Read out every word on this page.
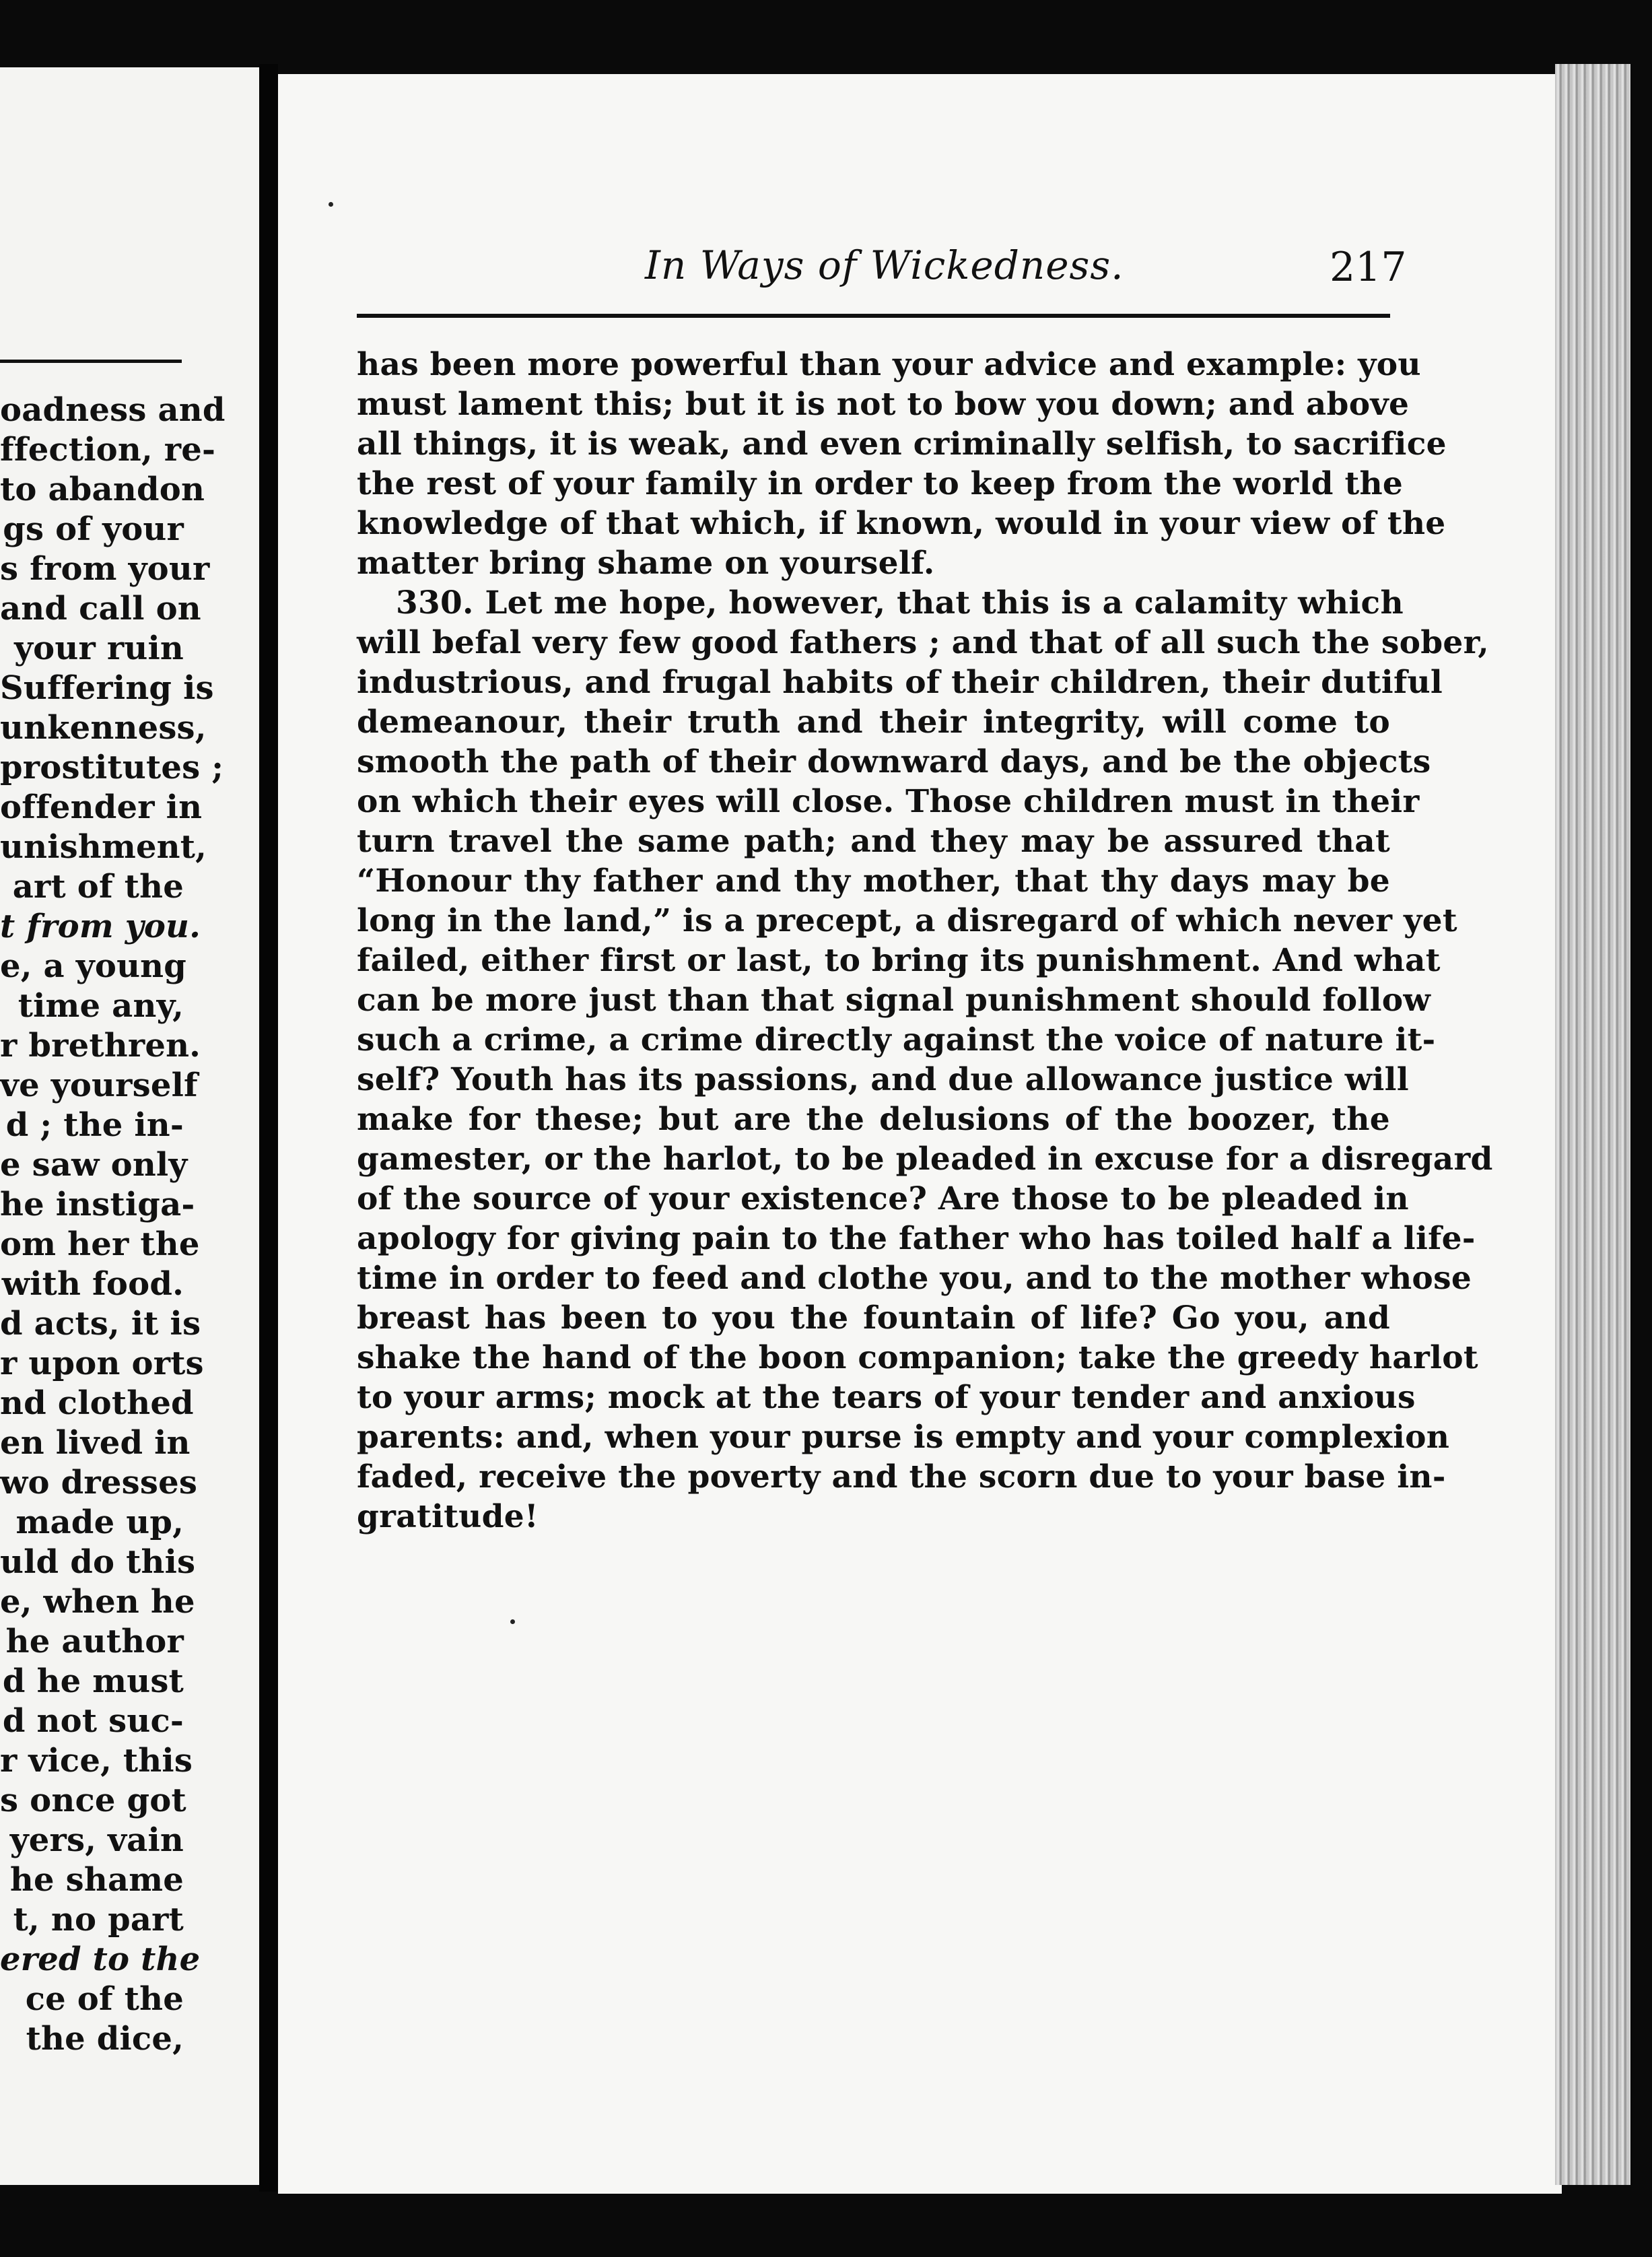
oadness and
ffection, re-
to abandon
gs of your
s from your
and call on
your ruin
Suffering is
unkenness,
prostitutes ;
offender in
unishment,
art of the
t from you.
e, a young
time any,
r brethren.
ve yourself
d ; the in-
e saw only
he instiga-
om her the
with food.
d acts, it is
r upon orts
nd clothed
en lived in
wo dresses
made up,
uld do this
e, when he
he author
d he must
d not suc-
r vice, this
s once got
yers, vain
he shame
t, no part
ered to the
ce of the
the dice,
In Ways of Wickedness.	217
has been more powerful than your advice and example: you
must lament this; but it is not to bow you down; and above
all things, it is weak, and even criminally selfish, to sacrifice
the rest of your family in order to keep from the world the
knowledge of that which, if known, would in your view of the
matter bring shame on yourself.
330. Let me hope, however, that this is a calamity which
will befal very few good fathers ; and that of all such the sober,
industrious, and frugal habits of their children, their dutiful
demeanour, their truth and their integrity, will come to
smooth the path of their downward days, and be the objects
on which their eyes will close. Those children must in their
turn travel the same path; and they may be assured that
“Honour thy father and thy mother, that thy days may be
long in the land,” is a precept, a disregard of which never yet
failed, either first or last, to bring its punishment. And what
can be more just than that signal punishment should follow
such a crime, a crime directly against the voice of nature it-
self? Youth has its passions, and due allowance justice will
make for these; but are the delusions of the boozer, the
gamester, or the harlot, to be pleaded in excuse for a disregard
of the source of your existence? Are those to be pleaded in
apology for giving pain to the father who has toiled half a life-
time in order to feed and clothe you, and to the mother whose
breast has been to you the fountain of life? Go you, and
shake the hand of the boon companion; take the greedy harlot
to your arms; mock at the tears of your tender and anxious
parents: and, when your purse is empty and your complexion
faded, receive the poverty and the scorn due to your base in-
gratitude!
